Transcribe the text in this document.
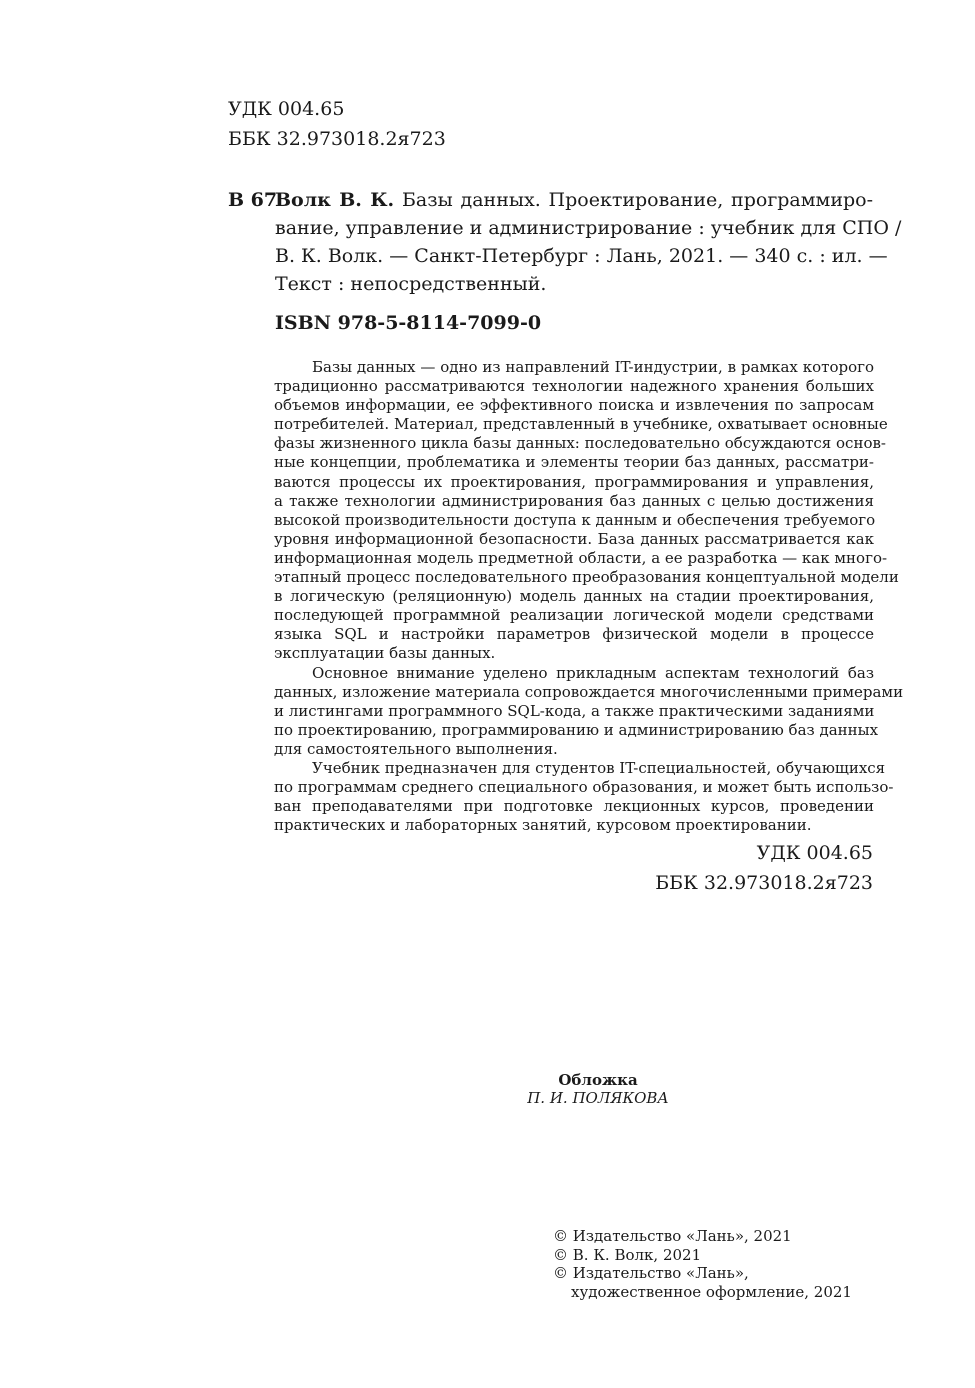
УДК 004.65
ББК 32.973018.2я723
В 67
Волк В. К. Базы данных. Проектирование, программиро-
вание, управление и администрирование : учебник для СПО /
В. К. Волк. — Санкт-Петербург : Лань, 2021. — 340 с. : ил. —
Текст : непосредственный.
ISBN 978-5-8114-7099-0
Базы данных — одно из направлений IT-индустрии, в рамках которого
традиционно рассматриваются технологии надежного хранения больших
объемов информации, ее эффективного поиска и извлечения по запросам
потребителей. Материал, представленный в учебнике, охватывает основные
фазы жизненного цикла базы данных: последовательно обсуждаются основ-
ные концепции, проблематика и элементы теории баз данных, рассматри-
ваются процессы их проектирования, программирования и управления,
а также технологии администрирования баз данных с целью достижения
высокой производительности доступа к данным и обеспечения требуемого
уровня информационной безопасности. База данных рассматривается как
информационная модель предметной области, а ее разработка — как много-
этапный процесс последовательного преобразования концептуальной модели
в логическую (реляционную) модель данных на стадии проектирования,
последующей программной реализации логической модели средствами
языка SQL и настройки параметров физической модели в процессе
эксплуатации базы данных.
Основное внимание уделено прикладным аспектам технологий баз
данных, изложение материала сопровождается многочисленными примерами
и листингами программного SQL-кода, а также практическими заданиями
по проектированию, программированию и администрированию баз данных
для самостоятельного выполнения.
Учебник предназначен для студентов IT-специальностей, обучающихся
по программам среднего специального образования, и может быть использо-
ван преподавателями при подготовке лекционных курсов, проведении
практических и лабораторных занятий, курсовом проектировании.
УДК 004.65
ББК 32.973018.2я723
Обложка
П. И. ПОЛЯКОВА
© Издательство «Лань», 2021
© В. К. Волк, 2021
© Издательство «Лань»,
художественное оформление, 2021
